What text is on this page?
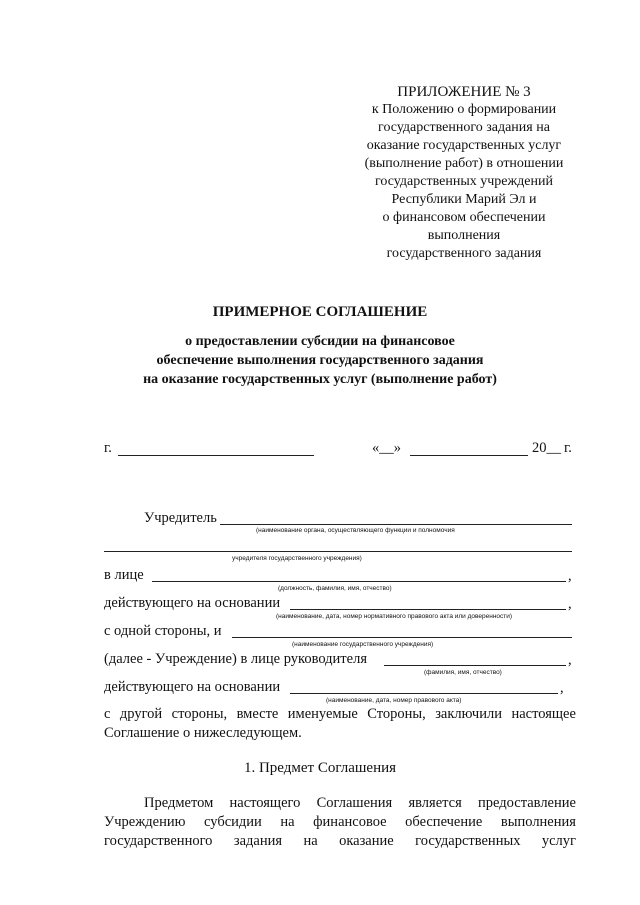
ПРИЛОЖЕНИЕ № 3
к Положению о формировании
государственного задания на
оказание государственных услуг
(выполнение работ) в отношении
государственных учреждений
Республики Марий Эл и
о финансовом обеспечении
выполнения
государственного задания
ПРИМЕРНОЕ СОГЛАШЕНИЕ
о предоставлении субсидии на финансовое
обеспечение выполнения государственного задания
на оказание государственных услуг (выполнение работ)
г.	«__»	20__ г.
Учредитель
(наименование органа, осуществляющего функции и полномочия
учредителя государственного учреждения)
в лице	,
(должность, фамилия, имя, отчество)
действующего на основании	,
(наименование, дата, номер нормативного правового акта или доверенности)
с одной стороны, и
(наименование государственного учреждения)
(далее - Учреждение) в лице руководителя	,
(фамилия, имя, отчество)
действующего на основании	,
(наименование, дата, номер правового акта)
с другой стороны, вместе именуемые Стороны, заключили настоящее
Соглашение о нижеследующем.
1. Предмет Соглашения
Предметом настоящего Соглашения является предоставление
Учреждению субсидии на финансовое обеспечение выполнения
государственного задания на оказание государственных услуг
